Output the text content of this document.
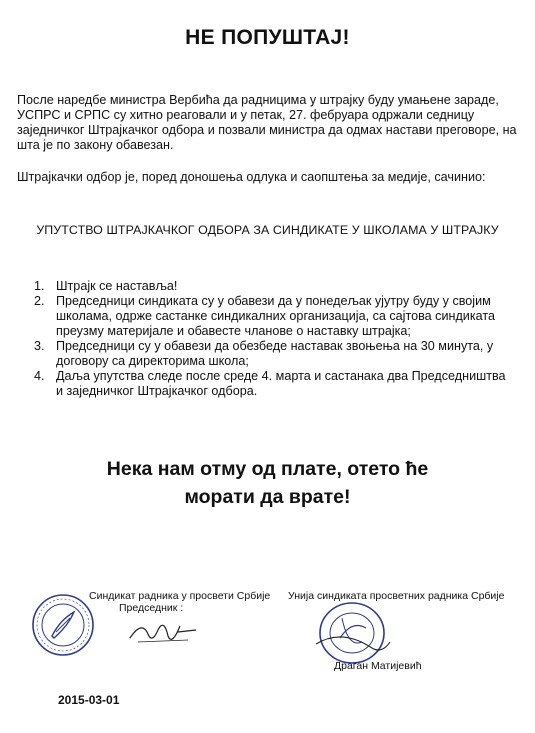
НЕ ПОПУШТАЈ!
После наредбе министра Вербића да радницима у штрајку буду умањене зараде, УСПРС и СРПС су хитно реаговали и у петак, 27. фебруара одржали седницу заједничког Штрајкачког одбора и позвали министра да одмах настави преговоре, на шта је по закону обавезан.
Штрајкачки одбор је, поред доношења одлука и саопштења за медије, сачинио:
УПУТСТВО ШТРАЈКАЧКОГ ОДБОРА ЗА СИНДИКАТЕ У ШКОЛАМА У ШТРАЈКУ
1. Штрајк се наставља!
2. Председници синдиката су у обавези да у понедељак ујутру буду у својим школама, одрже састанке синдикалних организација, са сајтова синдиката преузму материјале и обавесте чланове о наставку штрајка;
3. Председници су у обавези да обезбеде наставак звоњења на 30 минута, у договору са директорима школа;
4. Даља упутства следе после среде 4. марта и састанака два Председништва и заједничког Штрајкачког одбора.
Нека нам отму од плате, отето ће
морати да врате!
Синдикат радника у просвети Србије
Председник :
Унија синдиката просветних радника Србије
Драган Матијевић
2015-03-01
